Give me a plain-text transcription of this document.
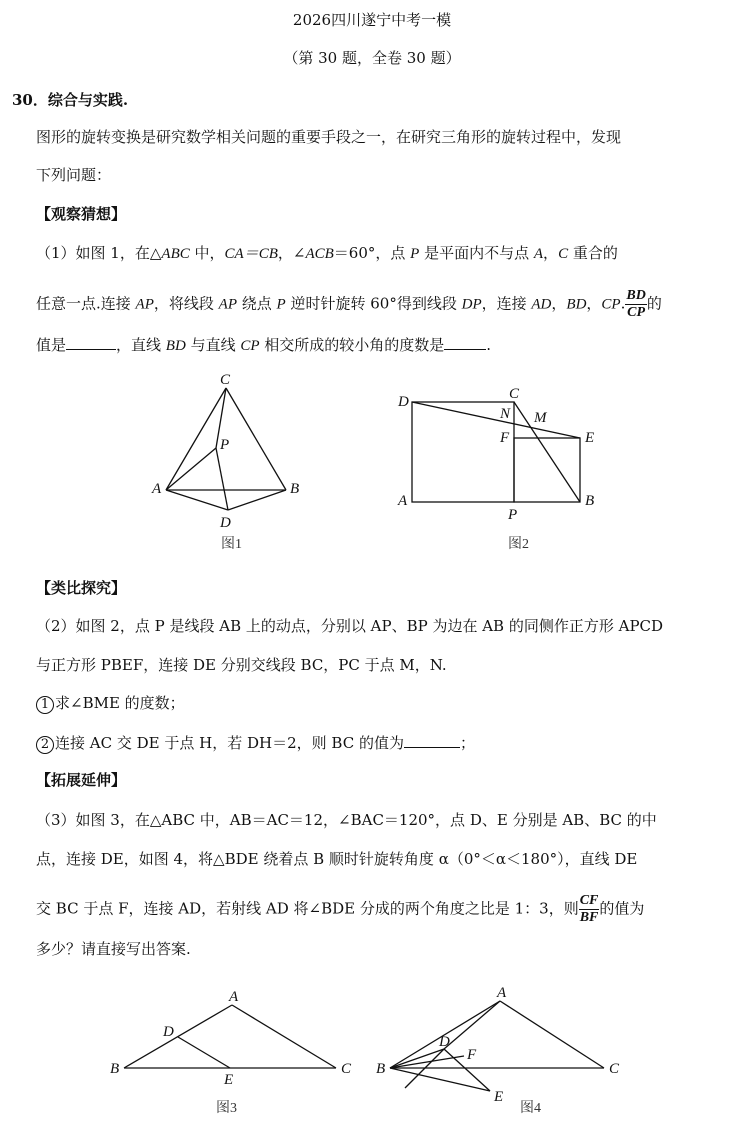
2026四川遂宁中考一模
（第 30 题，全卷 30 题）
30．综合与实践.
图形的旋转变换是研究数学相关问题的重要手段之一，在研究三角形的旋转过程中，发现
下列问题：
【观察猜想】
（1）如图 1，在△ABC 中，CA＝CB，∠ACB＝60°，点 P 是平面内不与点 A，C 重合的
任意一点.连接 AP，将线段 AP 绕点 P 逆时针旋转 60°得到线段 DP，连接 AD，BD，CP. $\frac{BD}{CP}$ 的
值是	，直线 BD 与直线 CP 相交所成的较小角的度数是	.
C
P
A	B
D
图1
D	C
N M
F	E
A
P
B
图2
【类比探究】
（2）如图 2，点 P 是线段 AB 上的动点，分别以 AP、BP 为边在 AB 的同侧作正方形 APCD
与正方形 PBEF，连接 DE 分别交线段 BC，PC 于点 M，N.
1 求∠BME 的度数；
2 连接 AC 交 DE 于点 H，若 DH＝2，则 BC 的值为	；
【拓展延伸】
（3）如图 3，在△ABC 中，AB＝AC＝12，∠BAC＝120°，点 D、E 分别是 AB、BC 的中
点，连接 DE，如图 4，将△BDE 绕着点 B 顺时针旋转角度 α（0°＜α＜180°），直线 DE
交 BC 于点 F，连接 AD，若射线 AD 将∠BDE 分成的两个角度之比是 1：3，则 $\frac{CF}{BF}$ 的值为
多少？请直接写出答案.
A
D
B
E
C
图3
A
D
F
B	C
E
图4
